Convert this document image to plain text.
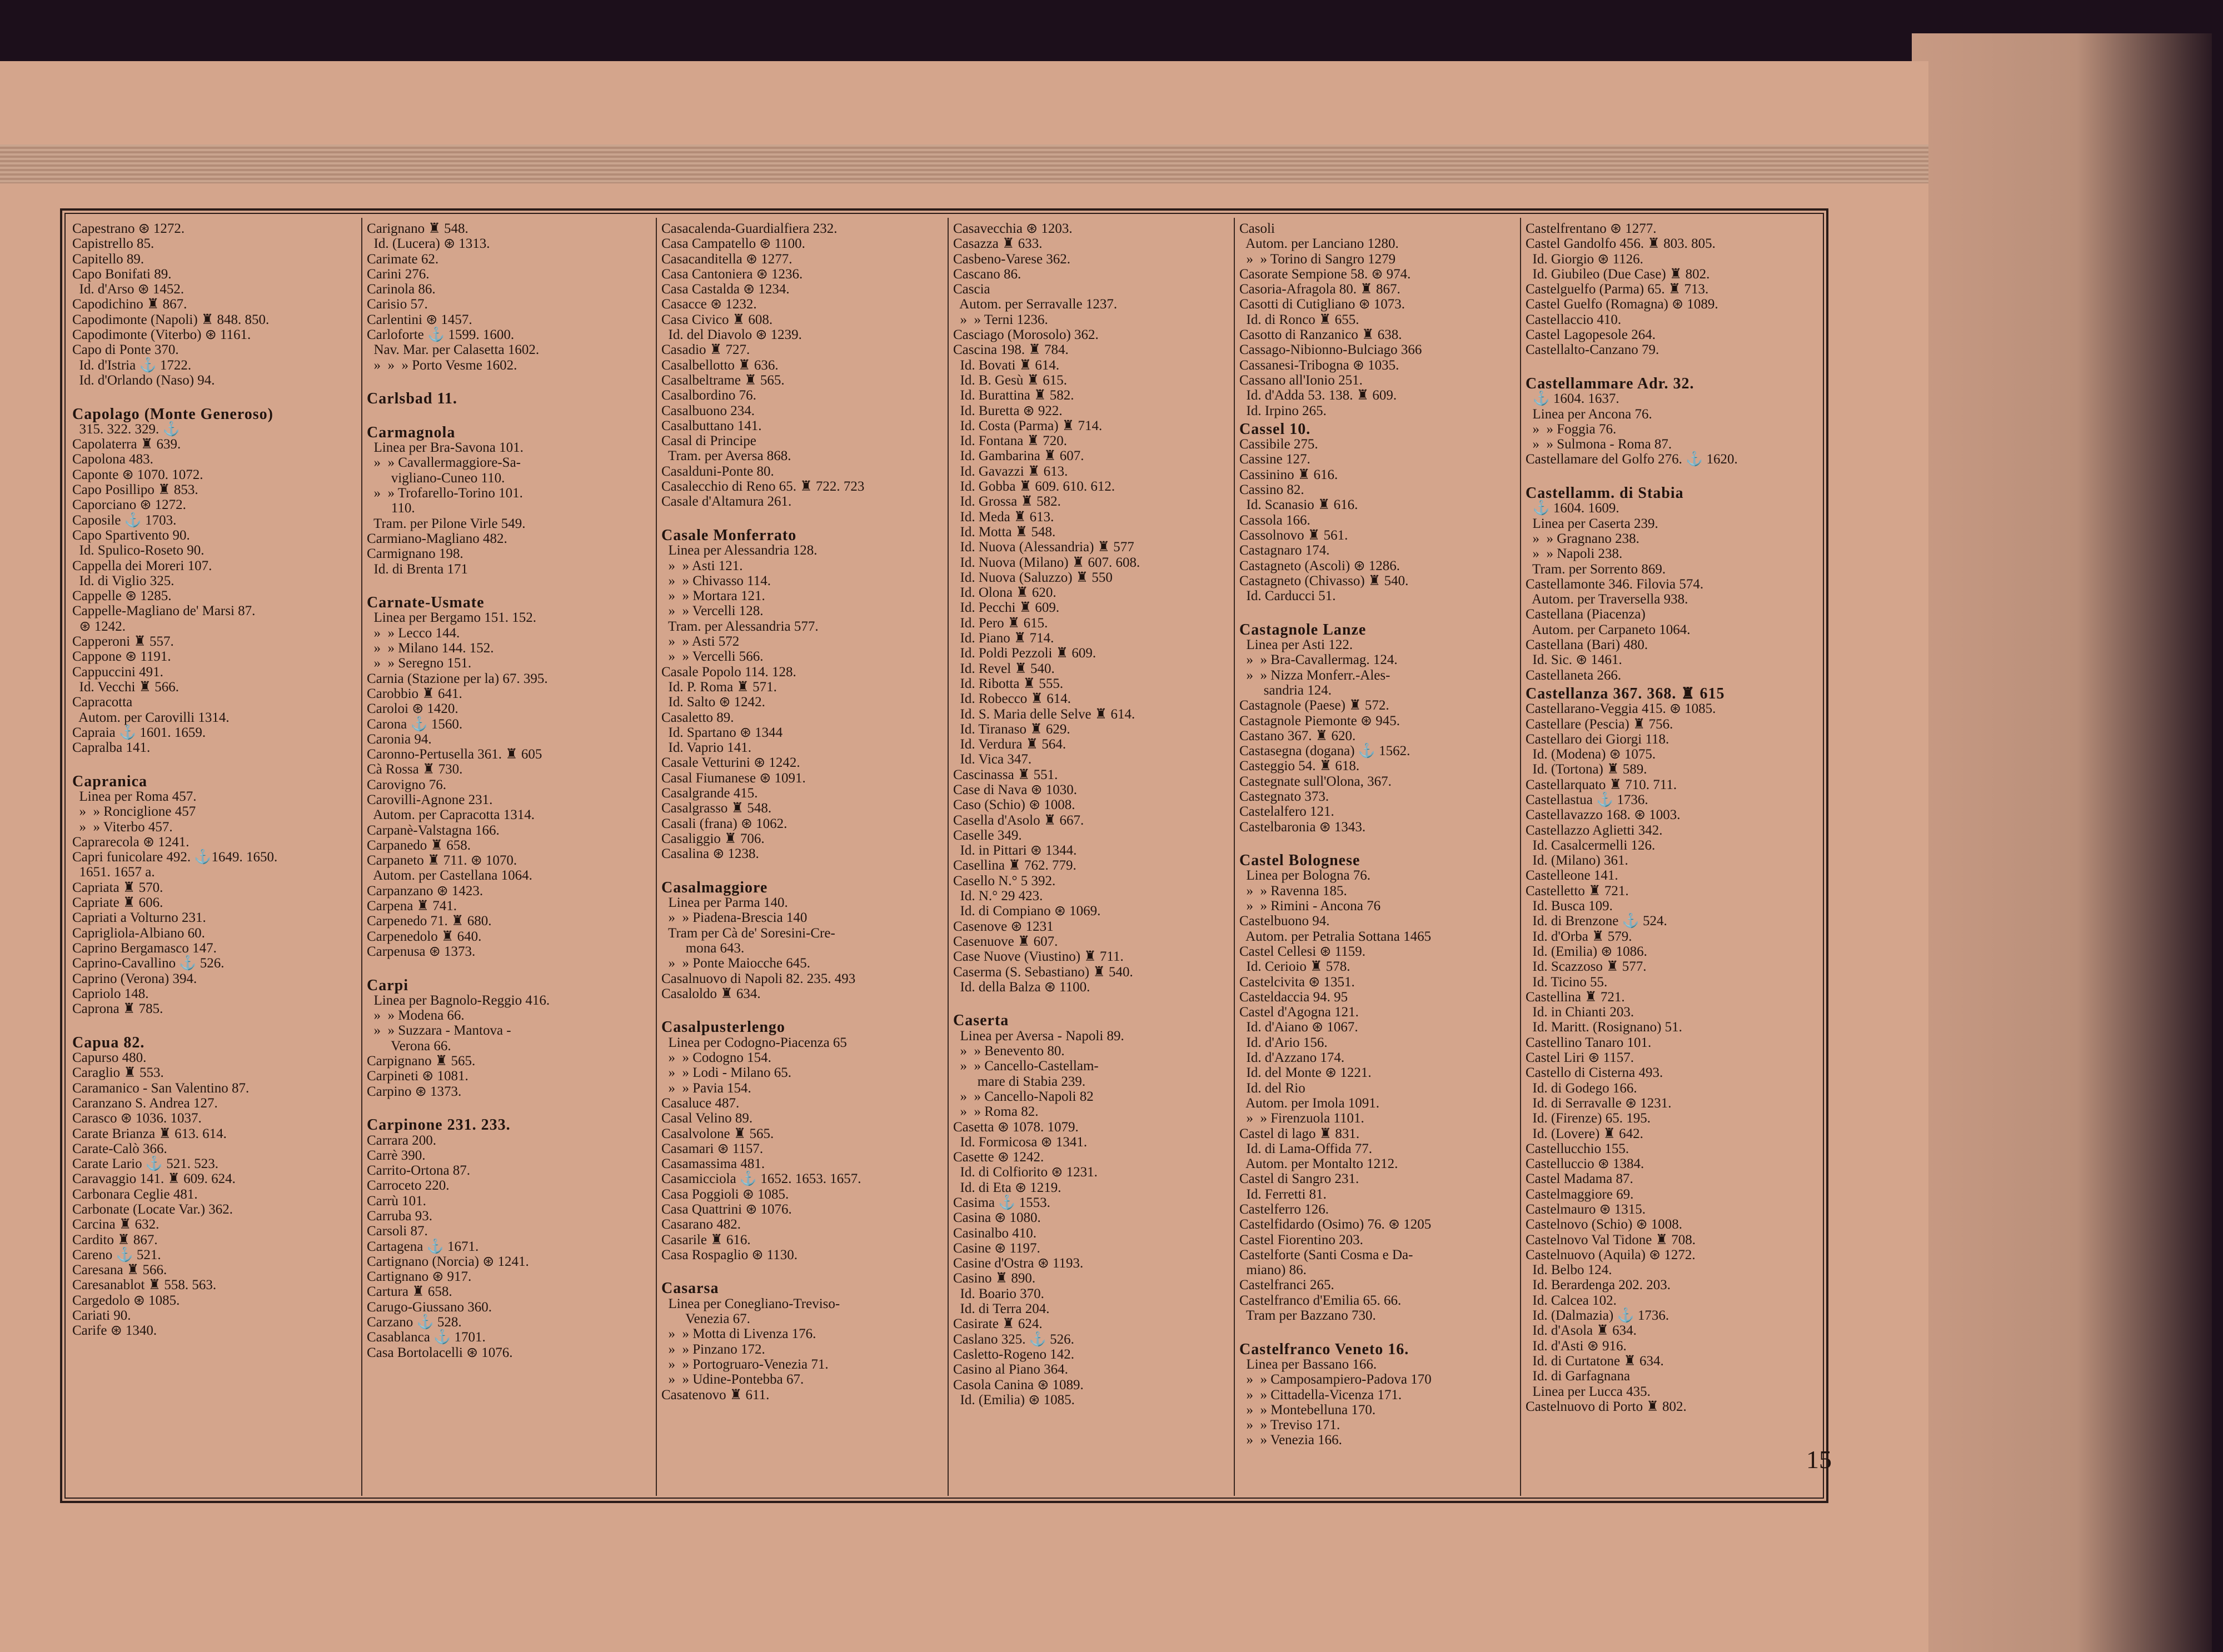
Capestrano ⊛ 1272.
Capistrello 85.
Capitello 89.
Capo Bonifati 89.
Id. d'Arso ⊛ 1452.
Capodichino ♜ 867.
Capodimonte (Napoli) ♜ 848. 850.
Capodimonte (Viterbo) ⊛ 1161.
Capo di Ponte 370.
Id. d'Istria ⚓ 1722.
Id. d'Orlando (Naso) 94.

Capolago (Monte Generoso)
315. 322. 329. ⚓
Capolaterra ♜ 639.
Capolona 483.
Caponte ⊛ 1070. 1072.
Capo Posillipo ♜ 853.
Caporciano ⊛ 1272.
Caposile ⚓ 1703.
Capo Spartivento 90.
Id. Spulico-Roseto 90.
Cappella dei Moreri 107.
Id. di Viglio 325.
Cappelle ⊛ 1285.
Cappelle-Magliano de' Marsi 87.
⊛ 1242.
Capperoni ♜ 557.
Cappone ⊛ 1191.
Cappuccini 491.
Id. Vecchi ♜ 566.
Capracotta
Autom. per Carovilli 1314.
Capraia ⚓ 1601. 1659.
Capralba 141.

Capranica
Linea per Roma 457.
»  » Ronciglione 457
»  » Viterbo 457.
Caprarecola ⊛ 1241.
Capri funicolare 492. ⚓1649. 1650.
1651. 1657 a.
Capriata ♜ 570.
Capriate ♜ 606.
Capriati a Volturno 231.
Caprigliola-Albiano 60.
Caprino Bergamasco 147.
Caprino-Cavallino ⚓ 526.
Caprino (Verona) 394.
Capriolo 148.
Caprona ♜ 785.

Capua 82.
Capurso 480.
Caraglio ♜ 553.
Caramanico - San Valentino 87.
Caranzano S. Andrea 127.
Carasco ⊛ 1036. 1037.
Carate Brianza ♜ 613. 614.
Carate-Calò 366.
Carate Lario ⚓ 521. 523.
Caravaggio 141. ♜ 609. 624.
Carbonara Ceglie 481.
Carbonate (Locate Var.) 362.
Carcina ♜ 632.
Cardito ♜ 867.
Careno ⚓ 521.
Caresana ♜ 566.
Caresanablot ♜ 558. 563.
Cargedolo ⊛ 1085.
Cariati 90.
Carife ⊛ 1340.
Carignano ♜ 548.
Id. (Lucera) ⊛ 1313.
Carimate 62.
Carini 276.
Carinola 86.
Carisio 57.
Carlentini ⊛ 1457.
Carloforte ⚓ 1599. 1600.
Nav. Mar. per Calasetta 1602.
»  »  » Porto Vesme 1602.

Carlsbad 11.

Carmagnola
Linea per Bra-Savona 101.
»  » Cavallermaggiore-Sa-
vigliano-Cuneo 110.
»  » Trofarello-Torino 101.
110.
Tram. per Pilone Virle 549.
Carmiano-Magliano 482.
Carmignano 198.
Id. di Brenta 171

Carnate-Usmate
Linea per Bergamo 151. 152.
»  » Lecco 144.
»  » Milano 144. 152.
»  » Seregno 151.
Carnia (Stazione per la) 67. 395.
Carobbio ♜ 641.
Caroloi ⊛ 1420.
Carona ⚓ 1560.
Caronia 94.
Caronno-Pertusella 361. ♜ 605
Cà Rossa ♜ 730.
Carovigno 76.
Carovilli-Agnone 231.
Autom. per Capracotta 1314.
Carpanè-Valstagna 166.
Carpanedo ♜ 658.
Carpaneto ♜ 711. ⊛ 1070.
Autom. per Castellana 1064.
Carpanzano ⊛ 1423.
Carpena ♜ 741.
Carpenedo 71. ♜ 680.
Carpenedolo ♜ 640.
Carpenusa ⊛ 1373.

Carpi
Linea per Bagnolo-Reggio 416.
»  » Modena 66.
»  » Suzzara - Mantova -
Verona 66.
Carpignano ♜ 565.
Carpineti ⊛ 1081.
Carpino ⊛ 1373.

Carpinone 231. 233.
Carrara 200.
Carrè 390.
Carrito-Ortona 87.
Carroceto 220.
Carrù 101.
Carruba 93.
Carsoli 87.
Cartagena ⚓ 1671.
Cartignano (Norcia) ⊛ 1241.
Cartignano ⊛ 917.
Cartura ♜ 658.
Carugo-Giussano 360.
Carzano ⚓ 528.
Casablanca ⚓ 1701.
Casa Bortolacelli ⊛ 1076.
Casacalenda-Guardialfiera 232.
Casa Campatello ⊛ 1100.
Casacanditella ⊛ 1277.
Casa Cantoniera ⊛ 1236.
Casa Castalda ⊛ 1234.
Casacce ⊛ 1232.
Casa Civico ♜ 608.
Id. del Diavolo ⊛ 1239.
Casadio ♜ 727.
Casalbellotto ♜ 636.
Casalbeltrame ♜ 565.
Casalbordino 76.
Casalbuono 234.
Casalbuttano 141.
Casal di Principe
Tram. per Aversa 868.
Casalduni-Ponte 80.
Casalecchio di Reno 65. ♜ 722. 723
Casale d'Altamura 261.

Casale Monferrato
Linea per Alessandria 128.
»  » Asti 121.
»  » Chivasso 114.
»  » Mortara 121.
»  » Vercelli 128.
Tram. per Alessandria 577.
»  » Asti 572
»  » Vercelli 566.
Casale Popolo 114. 128.
Id. P. Roma ♜ 571.
Id. Salto ⊛ 1242.
Casaletto 89.
Id. Spartano ⊛ 1344
Id. Vaprio 141.
Casale Vetturini ⊛ 1242.
Casal Fiumanese ⊛ 1091.
Casalgrande 415.
Casalgrasso ♜ 548.
Casali (frana) ⊛ 1062.
Casaliggio ♜ 706.
Casalina ⊛ 1238.

Casalmaggiore
Linea per Parma 140.
»  » Piadena-Brescia 140
Tram per Cà de' Soresini-Cre-
mona 643.
»  » Ponte Maiocche 645.
Casalnuovo di Napoli 82. 235. 493
Casaloldo ♜ 634.

Casalpusterlengo
Linea per Codogno-Piacenza 65
»  » Codogno 154.
»  » Lodi - Milano 65.
»  » Pavia 154.
Casaluce 487.
Casal Velino 89.
Casalvolone ♜ 565.
Casamari ⊛ 1157.
Casamassima 481.
Casamicciola ⚓ 1652. 1653. 1657.
Casa Poggioli ⊛ 1085.
Casa Quattrini ⊛ 1076.
Casarano 482.
Casarile ♜ 616.
Casa Rospaglio ⊛ 1130.

Casarsa
Linea per Conegliano-Treviso-
Venezia 67.
»  » Motta di Livenza 176.
»  » Pinzano 172.
»  » Portogruaro-Venezia 71.
»  » Udine-Pontebba 67.
Casatenovo ♜ 611.
Casavecchia ⊛ 1203.
Casazza ♜ 633.
Casbeno-Varese 362.
Cascano 86.
Cascia
Autom. per Serravalle 1237.
»  » Terni 1236.
Casciago (Morosolo) 362.
Cascina 198. ♜ 784.
Id. Bovati ♜ 614.
Id. B. Gesù ♜ 615.
Id. Burattina ♜ 582.
Id. Buretta ⊛ 922.
Id. Costa (Parma) ♜ 714.
Id. Fontana ♜ 720.
Id. Gambarina ♜ 607.
Id. Gavazzi ♜ 613.
Id. Gobba ♜ 609. 610. 612.
Id. Grossa ♜ 582.
Id. Meda ♜ 613.
Id. Motta ♜ 548.
Id. Nuova (Alessandria) ♜ 577
Id. Nuova (Milano) ♜ 607. 608.
Id. Nuova (Saluzzo) ♜ 550
Id. Olona ♜ 620.
Id. Pecchi ♜ 609.
Id. Pero ♜ 615.
Id. Piano ♜ 714.
Id. Poldi Pezzoli ♜ 609.
Id. Revel ♜ 540.
Id. Ribotta ♜ 555.
Id. Robecco ♜ 614.
Id. S. Maria delle Selve ♜ 614.
Id. Tiranaso ♜ 629.
Id. Verdura ♜ 564.
Id. Vica 347.
Cascinassa ♜ 551.
Case di Nava ⊛ 1030.
Caso (Schio) ⊛ 1008.
Casella d'Asolo ♜ 667.
Caselle 349.
Id. in Pittari ⊛ 1344.
Casellina ♜ 762. 779.
Casello N.° 5 392.
Id. N.° 29 423.
Id. di Compiano ⊛ 1069.
Casenove ⊛ 1231
Casenuove ♜ 607.
Case Nuove (Viustino) ♜ 711.
Caserma (S. Sebastiano) ♜ 540.
Id. della Balza ⊛ 1100.

Caserta
Linea per Aversa - Napoli 89.
»  » Benevento 80.
»  » Cancello-Castellam-
mare di Stabia 239.
»  » Cancello-Napoli 82
»  » Roma 82.
Casetta ⊛ 1078. 1079.
Id. Formicosa ⊛ 1341.
Casette ⊛ 1242.
Id. di Colfiorito ⊛ 1231.
Id. di Eta ⊛ 1219.
Casima ⚓ 1553.
Casina ⊛ 1080.
Casinalbo 410.
Casine ⊛ 1197.
Casine d'Ostra ⊛ 1193.
Casino ♜ 890.
Id. Boario 370.
Id. di Terra 204.
Casirate ♜ 624.
Caslano 325. ⚓ 526.
Casletto-Rogeno 142.
Casino al Piano 364.
Casola Canina ⊛ 1089.
Id. (Emilia) ⊛ 1085.
Casoli
Autom. per Lanciano 1280.
»  » Torino di Sangro 1279
Casorate Sempione 58. ⊛ 974.
Casoria-Afragola 80. ♜ 867.
Casotti di Cutigliano ⊛ 1073.
Id. di Ronco ♜ 655.
Casotto di Ranzanico ♜ 638.
Cassago-Nibionno-Bulciago 366
Cassanesi-Tribogna ⊛ 1035.
Cassano all'Ionio 251.
Id. d'Adda 53. 138. ♜ 609.
Id. Irpino 265.
Cassel 10.
Cassibile 275.
Cassine 127.
Cassinino ♜ 616.
Cassino 82.
Id. Scanasio ♜ 616.
Cassola 166.
Cassolnovo ♜ 561.
Castagnaro 174.
Castagneto (Ascoli) ⊛ 1286.
Castagneto (Chivasso) ♜ 540.
Id. Carducci 51.

Castagnole Lanze
Linea per Asti 122.
»  » Bra-Cavallermag. 124.
»  » Nizza Monferr.-Ales-
sandria 124.
Castagnole (Paese) ♜ 572.
Castagnole Piemonte ⊛ 945.
Castano 367. ♜ 620.
Castasegna (dogana) ⚓ 1562.
Casteggio 54. ♜ 618.
Castegnate sull'Olona, 367.
Castegnato 373.
Castelalfero 121.
Castelbaronia ⊛ 1343.

Castel Bolognese
Linea per Bologna 76.
»  » Ravenna 185.
»  » Rimini - Ancona 76
Castelbuono 94.
Autom. per Petralia Sottana 1465
Castel Cellesi ⊛ 1159.
Id. Cerioio ♜ 578.
Castelcivita ⊛ 1351.
Casteldaccia 94. 95
Castel d'Agogna 121.
Id. d'Aiano ⊛ 1067.
Id. d'Ario 156.
Id. d'Azzano 174.
Id. del Monte ⊛ 1221.
Id. del Rio
Autom. per Imola 1091.
»  » Firenzuola 1101.
Castel di lago ♜ 831.
Id. di Lama-Offida 77.
Autom. per Montalto 1212.
Castel di Sangro 231.
Id. Ferretti 81.
Castelferro 126.
Castelfidardo (Osimo) 76. ⊛ 1205
Castel Fiorentino 203.
Castelforte (Santi Cosma e Da-
miano) 86.
Castelfranci 265.
Castelfranco d'Emilia 65. 66.
Tram per Bazzano 730.

Castelfranco Veneto 16.
Linea per Bassano 166.
»  » Camposampiero-Padova 170
»  » Cittadella-Vicenza 171.
»  » Montebelluna 170.
»  » Treviso 171.
»  » Venezia 166.
Castelfrentano ⊛ 1277.
Castel Gandolfo 456. ♜ 803. 805.
Id. Giorgio ⊛ 1126.
Id. Giubileo (Due Case) ♜ 802.
Castelguelfo (Parma) 65. ♜ 713.
Castel Guelfo (Romagna) ⊛ 1089.
Castellaccio 410.
Castel Lagopesole 264.
Castellalto-Canzano 79.

Castellammare Adr. 32.
⚓ 1604. 1637.
Linea per Ancona 76.
»  » Foggia 76.
»  » Sulmona - Roma 87.
Castellamare del Golfo 276. ⚓ 1620.

Castellamm. di Stabia
⚓ 1604. 1609.
Linea per Caserta 239.
»  » Gragnano 238.
»  » Napoli 238.
Tram. per Sorrento 869.
Castellamonte 346. Filovia 574.
Autom. per Traversella 938.
Castellana (Piacenza)
Autom. per Carpaneto 1064.
Castellana (Bari) 480.
Id. Sic. ⊛ 1461.
Castellaneta 266.
Castellanza 367. 368. ♜ 615
Castellarano-Veggia 415. ⊛ 1085.
Castellare (Pescia) ♜ 756.
Castellaro dei Giorgi 118.
Id. (Modena) ⊛ 1075.
Id. (Tortona) ♜ 589.
Castellarquato ♜ 710. 711.
Castellastua ⚓ 1736.
Castellavazzo 168. ⊛ 1003.
Castellazzo Aglietti 342.
Id. Casalcermelli 126.
Id. (Milano) 361.
Castelleone 141.
Castelletto ♜ 721.
Id. Busca 109.
Id. di Brenzone ⚓ 524.
Id. d'Orba ♜ 579.
Id. (Emilia) ⊛ 1086.
Id. Scazzoso ♜ 577.
Id. Ticino 55.
Castellina ♜ 721.
Id. in Chianti 203.
Id. Maritt. (Rosignano) 51.
Castellino Tanaro 101.
Castel Liri ⊛ 1157.
Castello di Cisterna 493.
Id. di Godego 166.
Id. di Serravalle ⊛ 1231.
Id. (Firenze) 65. 195.
Id. (Lovere) ♜ 642.
Castellucchio 155.
Castelluccio ⊛ 1384.
Castel Madama 87.
Castelmaggiore 69.
Castelmauro ⊛ 1315.
Castelnovo (Schio) ⊛ 1008.
Castelnovo Val Tidone ♜ 708.
Castelnuovo (Aquila) ⊛ 1272.
Id. Belbo 124.
Id. Berardenga 202. 203.
Id. Calcea 102.
Id. (Dalmazia) ⚓ 1736.
Id. d'Asola ♜ 634.
Id. d'Asti ⊛ 916.
Id. di Curtatone ♜ 634.
Id. di Garfagnana
Linea per Lucca 435.
Castelnuovo di Porto ♜ 802.
15
